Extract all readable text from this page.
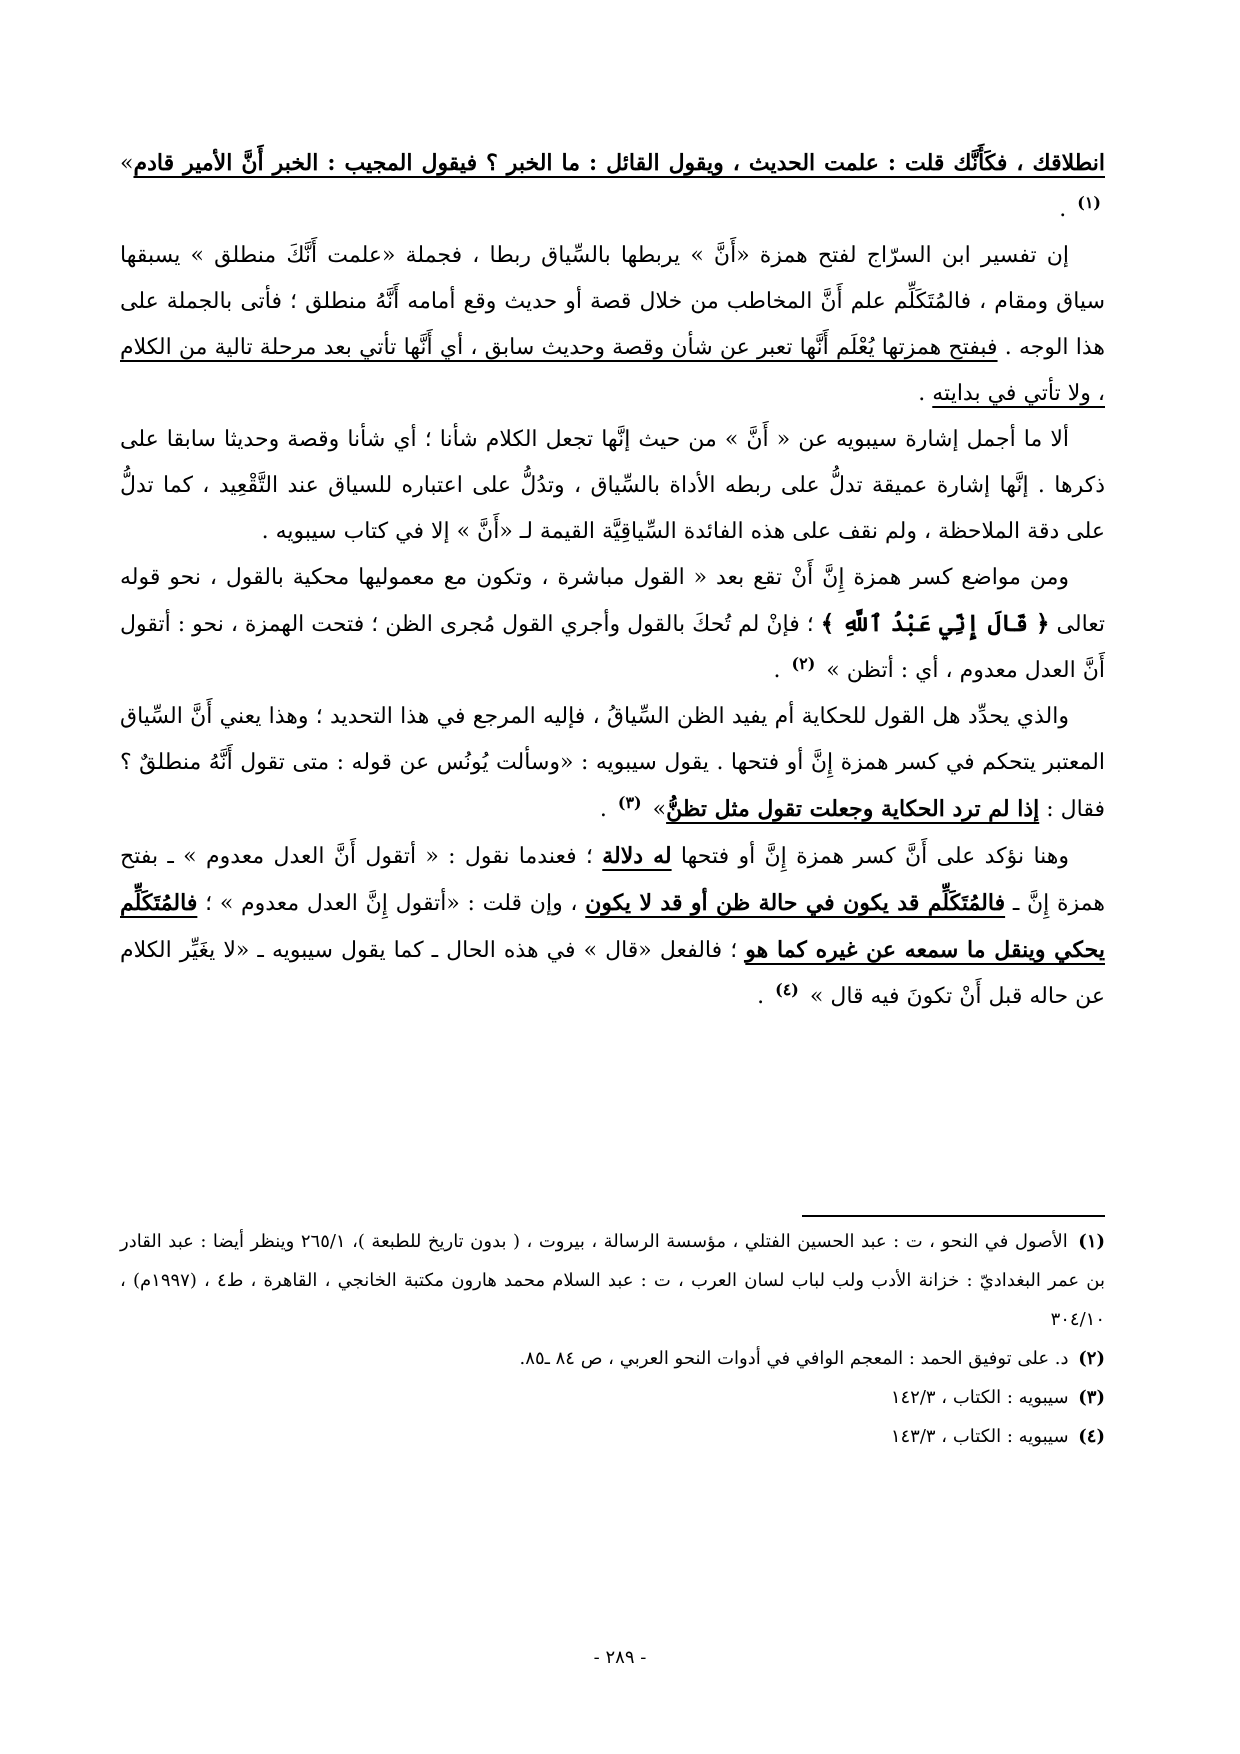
انطلاقك ، فكَأَنَّك قلت : علمت الحديث ، ويقول القائل : ما الخبر ؟ فيقول المجيب : الخبر أَنَّ الأمير قادم» $^{(١)}$ .

إن تفسير ابن السرّاج لفتح همزة «أَنَّ » يربطها بالسِّياق ربطا ، فجملة «علمت أَنَّكَ منطلق » يسبقها سياق ومقام ، فالمُتَكَلِّم علم أَنَّ المخاطب من خلال قصة أو حديث وقع أمامه أَنَّهُ منطلق ؛ فأتى بالجملة على هذا الوجه . فبفتح همزتها يُعْلَم أَنَّها تعبر عن شأن وقصة وحديث سابق ، أي أَنَّها تأتي بعد مرحلة تالية من الكلام ، ولا تأتي في بدايته .

ألا ما أجمل إشارة سيبويه عن « أَنَّ » من حيث إنَّها تجعل الكلام شأنا ؛ أي شأنا وقصة وحديثا سابقا على ذكرها . إنَّها إشارة عميقة تدلُّ على ربطه الأداة بالسِّياق ، وتدُلُّ على اعتباره للسياق عند التَّقْعِيد ، كما تدلُّ على دقة الملاحظة ، ولم نقف على هذه الفائدة السِّياقِيَّة القيمة لـ «أَنَّ » إلا في كتاب سيبويه .

ومن مواضع كسر همزة إِنَّ أَنْ تقع بعد « القول مباشرة ، وتكون مع معموليها محكية بالقول ، نحو قوله تعالى ﴿ قَالَ إِنِّي عَبْدُ ٱللَّهِ ﴾ ؛ فإنْ لم تُحكَ بالقول وأجري القول مُجرى الظن ؛ فتحت الهمزة ، نحو : أتقول أَنَّ العدل معدوم ، أي : أتظن » $^{(٢)}$ .

والذي يحدِّد هل القول للحكاية أم يفيد الظن السِّياقُ ، فإليه المرجع في هذا التحديد ؛ وهذا يعني أَنَّ السِّياق المعتبر يتحكم في كسر همزة إِنَّ أو فتحها . يقول سيبويه : «وسألت يُونُس عن قوله : متى تقول أَنَّهُ منطلقٌ ؟ فقال : إذا لم ترد الحكاية وجعلت تقول مثل تظنُّ» $^{(٣)}$ .

وهنا نؤكد على أَنَّ كسر همزة إِنَّ أو فتحها له دلالة ؛ فعندما نقول : « أتقول أَنَّ العدل معدوم » ـ بفتح همزة إِنَّ ـ فالمُتَكَلِّم قد يكون في حالة ظن أو قد لا يكون ، وإن قلت : «أتقول إِنَّ العدل معدوم » ؛ فالمُتَكَلِّم يحكي وينقل ما سمعه عن غيره كما هو ؛ فالفعل «قال » في هذه الحال ـ كما يقول سيبويه ـ «لا يغَيِّر الكلام عن حاله قبل أَنْ تكونَ فيه قال » $^{(٤)}$ .

(١) الأصول في النحو ، ت : عبد الحسين الفتلي ، مؤسسة الرسالة ، بيروت ، ( بدون تاريخ للطبعة )، ٢٦٥/١ وينظر أيضا : عبد القادر بن عمر البغداديّ : خزانة الأدب ولب لباب لسان العرب ، ت : عبد السلام محمد هارون مكتبة الخانجي ، القاهرة ، ط٤ ، (١٩٩٧م) ، ٣٠٤/١٠

(٢) د. على توفيق الحمد : المعجم الوافي في أدوات النحو العربي ، ص ٨٤ ـ٨٥.

(٣) سيبويه : الكتاب ، ١٤٢/٣

(٤) سيبويه : الكتاب ، ١٤٣/٣

- ٢٨٩ -
